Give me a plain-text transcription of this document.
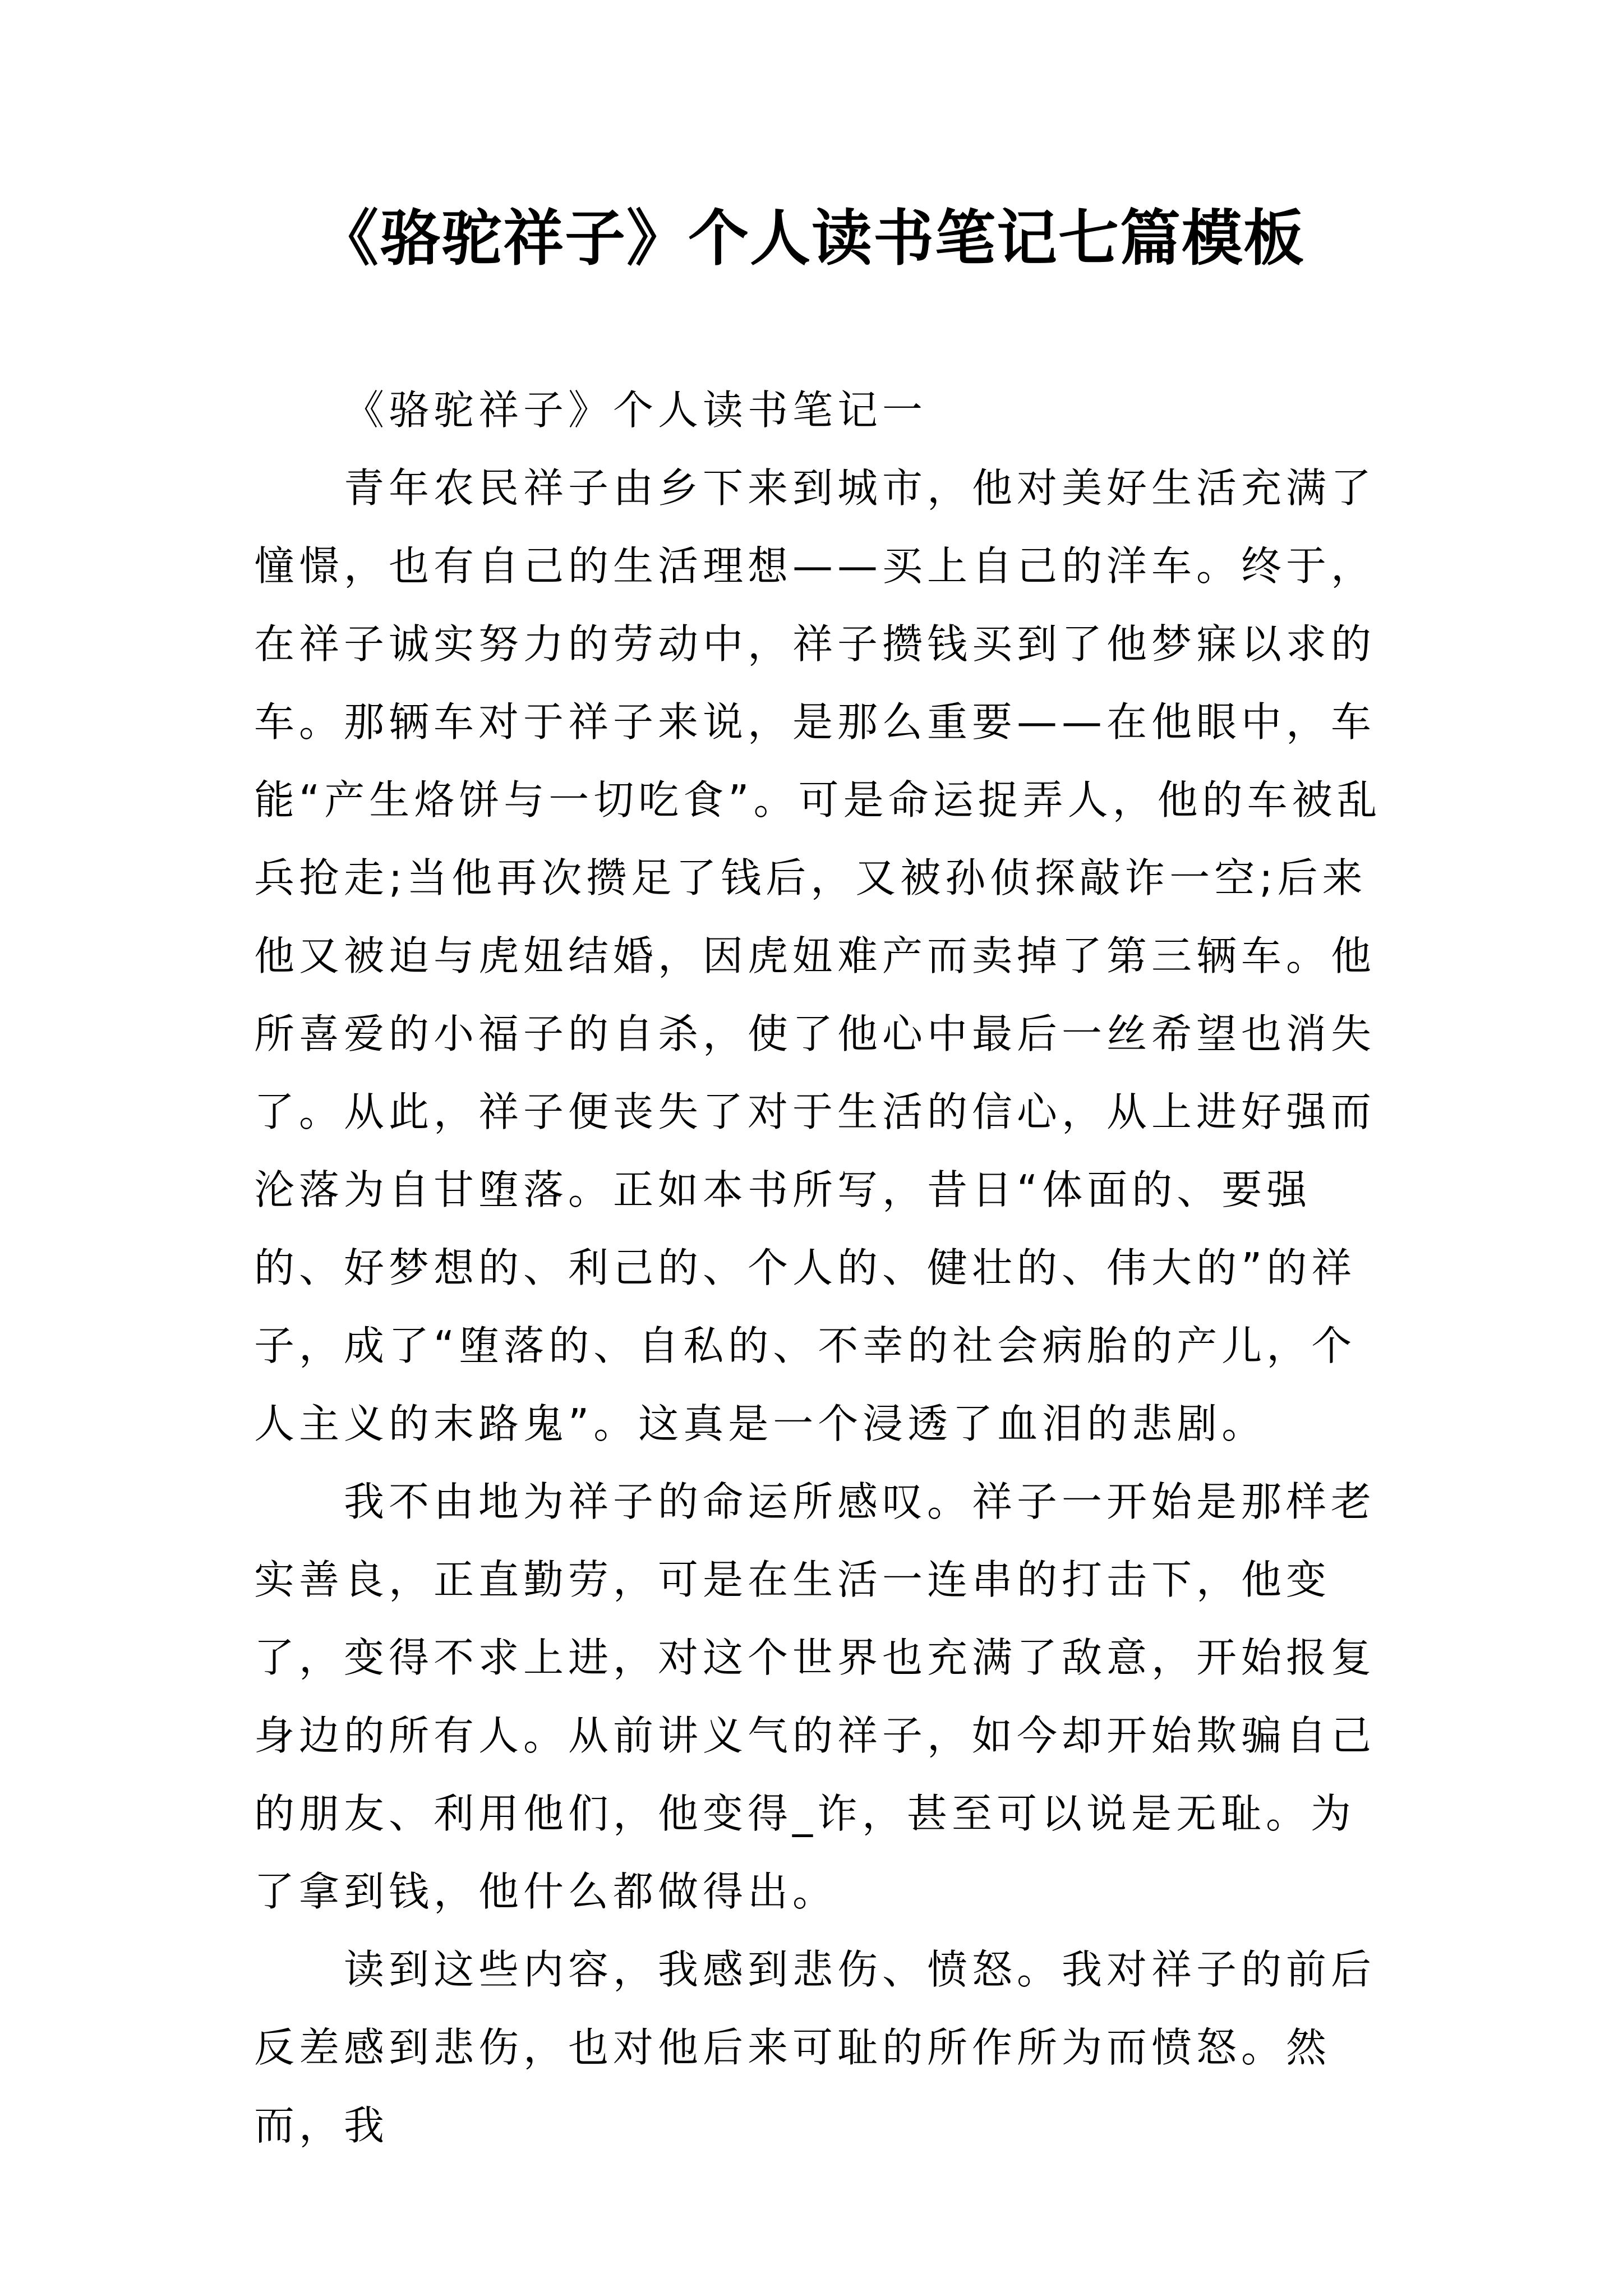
《骆驼祥子》个人读书笔记七篇模板

《骆驼祥子》个人读书笔记一

青年农民祥子由乡下来到城市，他对美好生活充满了憧憬，也有自己的生活理想——买上自己的洋车。终于，在祥子诚实努力的劳动中，祥子攒钱买到了他梦寐以求的车。那辆车对于祥子来说，是那么重要——在他眼中，车能“产生烙饼与一切吃食”。可是命运捉弄人，他的车被乱兵抢走;当他再次攒足了钱后，又被孙侦探敲诈一空;后来他又被迫与虎妞结婚，因虎妞难产而卖掉了第三辆车。他所喜爱的小福子的自杀，使了他心中最后一丝希望也消失了。从此，祥子便丧失了对于生活的信心，从上进好强而沦落为自甘堕落。正如本书所写，昔日“体面的、要强的、好梦想的、利己的、个人的、健壮的、伟大的”的祥子，成了“堕落的、自私的、不幸的社会病胎的产儿，个人主义的末路鬼”。这真是一个浸透了血泪的悲剧。

我不由地为祥子的命运所感叹。祥子一开始是那样老实善良，正直勤劳，可是在生活一连串的打击下，他变了，变得不求上进，对这个世界也充满了敌意，开始报复身边的所有人。从前讲义气的祥子，如今却开始欺骗自己的朋友、利用他们，他变得_诈，甚至可以说是无耻。为了拿到钱，他什么都做得出。

读到这些内容，我感到悲伤、愤怒。我对祥子的前后反差感到悲伤，也对他后来可耻的所作所为而愤怒。然而，我
